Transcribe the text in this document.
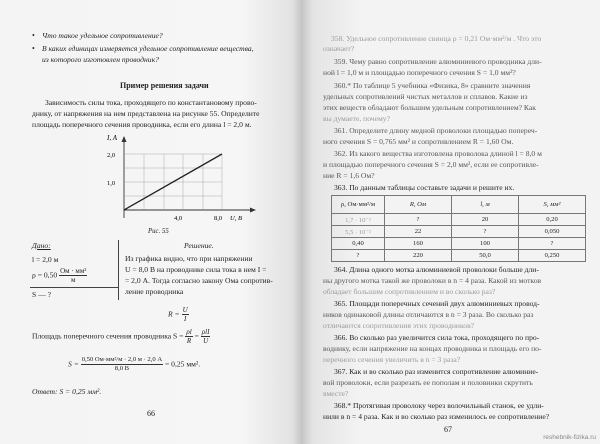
• Что такое удельное сопротивление?
• В каких единицах измеряется удельное сопротивление вещества,
из которого изготовлен проводник?
Пример решения задачи
Зависимость силы тока, проходящего по константановому прово-
днику, от напряжения на нем представлена на рисунке 55. Определите
площадь поперечного сечения проводника, если его длина l = 2,0 м.
I, A
2,0
1,0
4,0	8,0 U, В
Рис. 55
Дано:
l = 2,0 м
$\rho = 0,50 \frac{\text{Ом · мм²}}{м}$
S — ?
Решение.
Из графика видно, что при напряжении
U = 8,0 В на проводнике сила тока в нем I =
= 2,0 А. Тогда согласно закону Ома сопротив-
ление проводника
$R = \frac{U}{I}$
Площадь поперечного сечения проводника $S = \frac{\rho l}{R} = \frac{\text{ρlI}}{U}$
$S = \frac{\text{0,50 Ом·мм²/м · 2,0 м · 2,0 А}}{8,0 В} = 0,25$ мм².
Ответ: S = 0,25 мм².
66
358. Удельное сопротивление свинца ρ = 0,21 Ом·мм²/м . Что это
означает?
359. Чему равно сопротивление алюминиевого проводника дли-
ной l = 1,0 м и площадью поперечного сечения S = 1,0 мм²?
360.* По таблице 5 учебника «Физика, 8» сравните значения
удельных сопротивлений чистых металлов и сплавов. Какие из
этих веществ обладают большим удельным сопротивлением? Как
вы думаете, почему?
361. Определите длину медной проволоки площадью попереч-
ного сечения S = 0,765 мм² и сопротивлением R = 1,60 Ом.
362. Из какого вещества изготовлена проволока длиной l = 8,0 м
и площадью поперечного сечения S = 2,0 мм², если ее сопротивле-
ние R = 1,6 Ом?
363. По данным таблицы составьте задачи и решите их.
ρ, Ом·мм²/м	R, Ом	l, м	S, мм²
1,7 · 10⁻²	?	20	0,20
5,5 · 10⁻²	22	?	0,050
0,40	160	100	?
?	220	50,0	0,250
364. Длина одного мотка алюминиевой проволоки больше дли-
ны другого мотка такой же проволоки в n = 4 раза. Какой из мотков
обладает большим сопротивлением и во сколько раз?
365. Площади поперечных сечений двух алюминиевых провод-
ников одинаковой длины отличаются в n = 3 раза. Во сколько раз
отличаются сопротивления этих проводников?
366. Во сколько раз увеличится сила тока, проходящего по про-
воднику, если напряжение на концах проводника и площадь его по-
перечного сечения увеличить в n = 3 раза?
367. Как и во сколько раз изменится сопротивление алюминие-
вой проволоки, если разрезать ее пополам и половинки скрутить
вместе?
368.* Протягивая проволоку через волочильный станок, ее удли-
нили в n = 4 раза. Как и во сколько раз изменилось ее сопротивление?
67
reshebnik-fizika.ru
